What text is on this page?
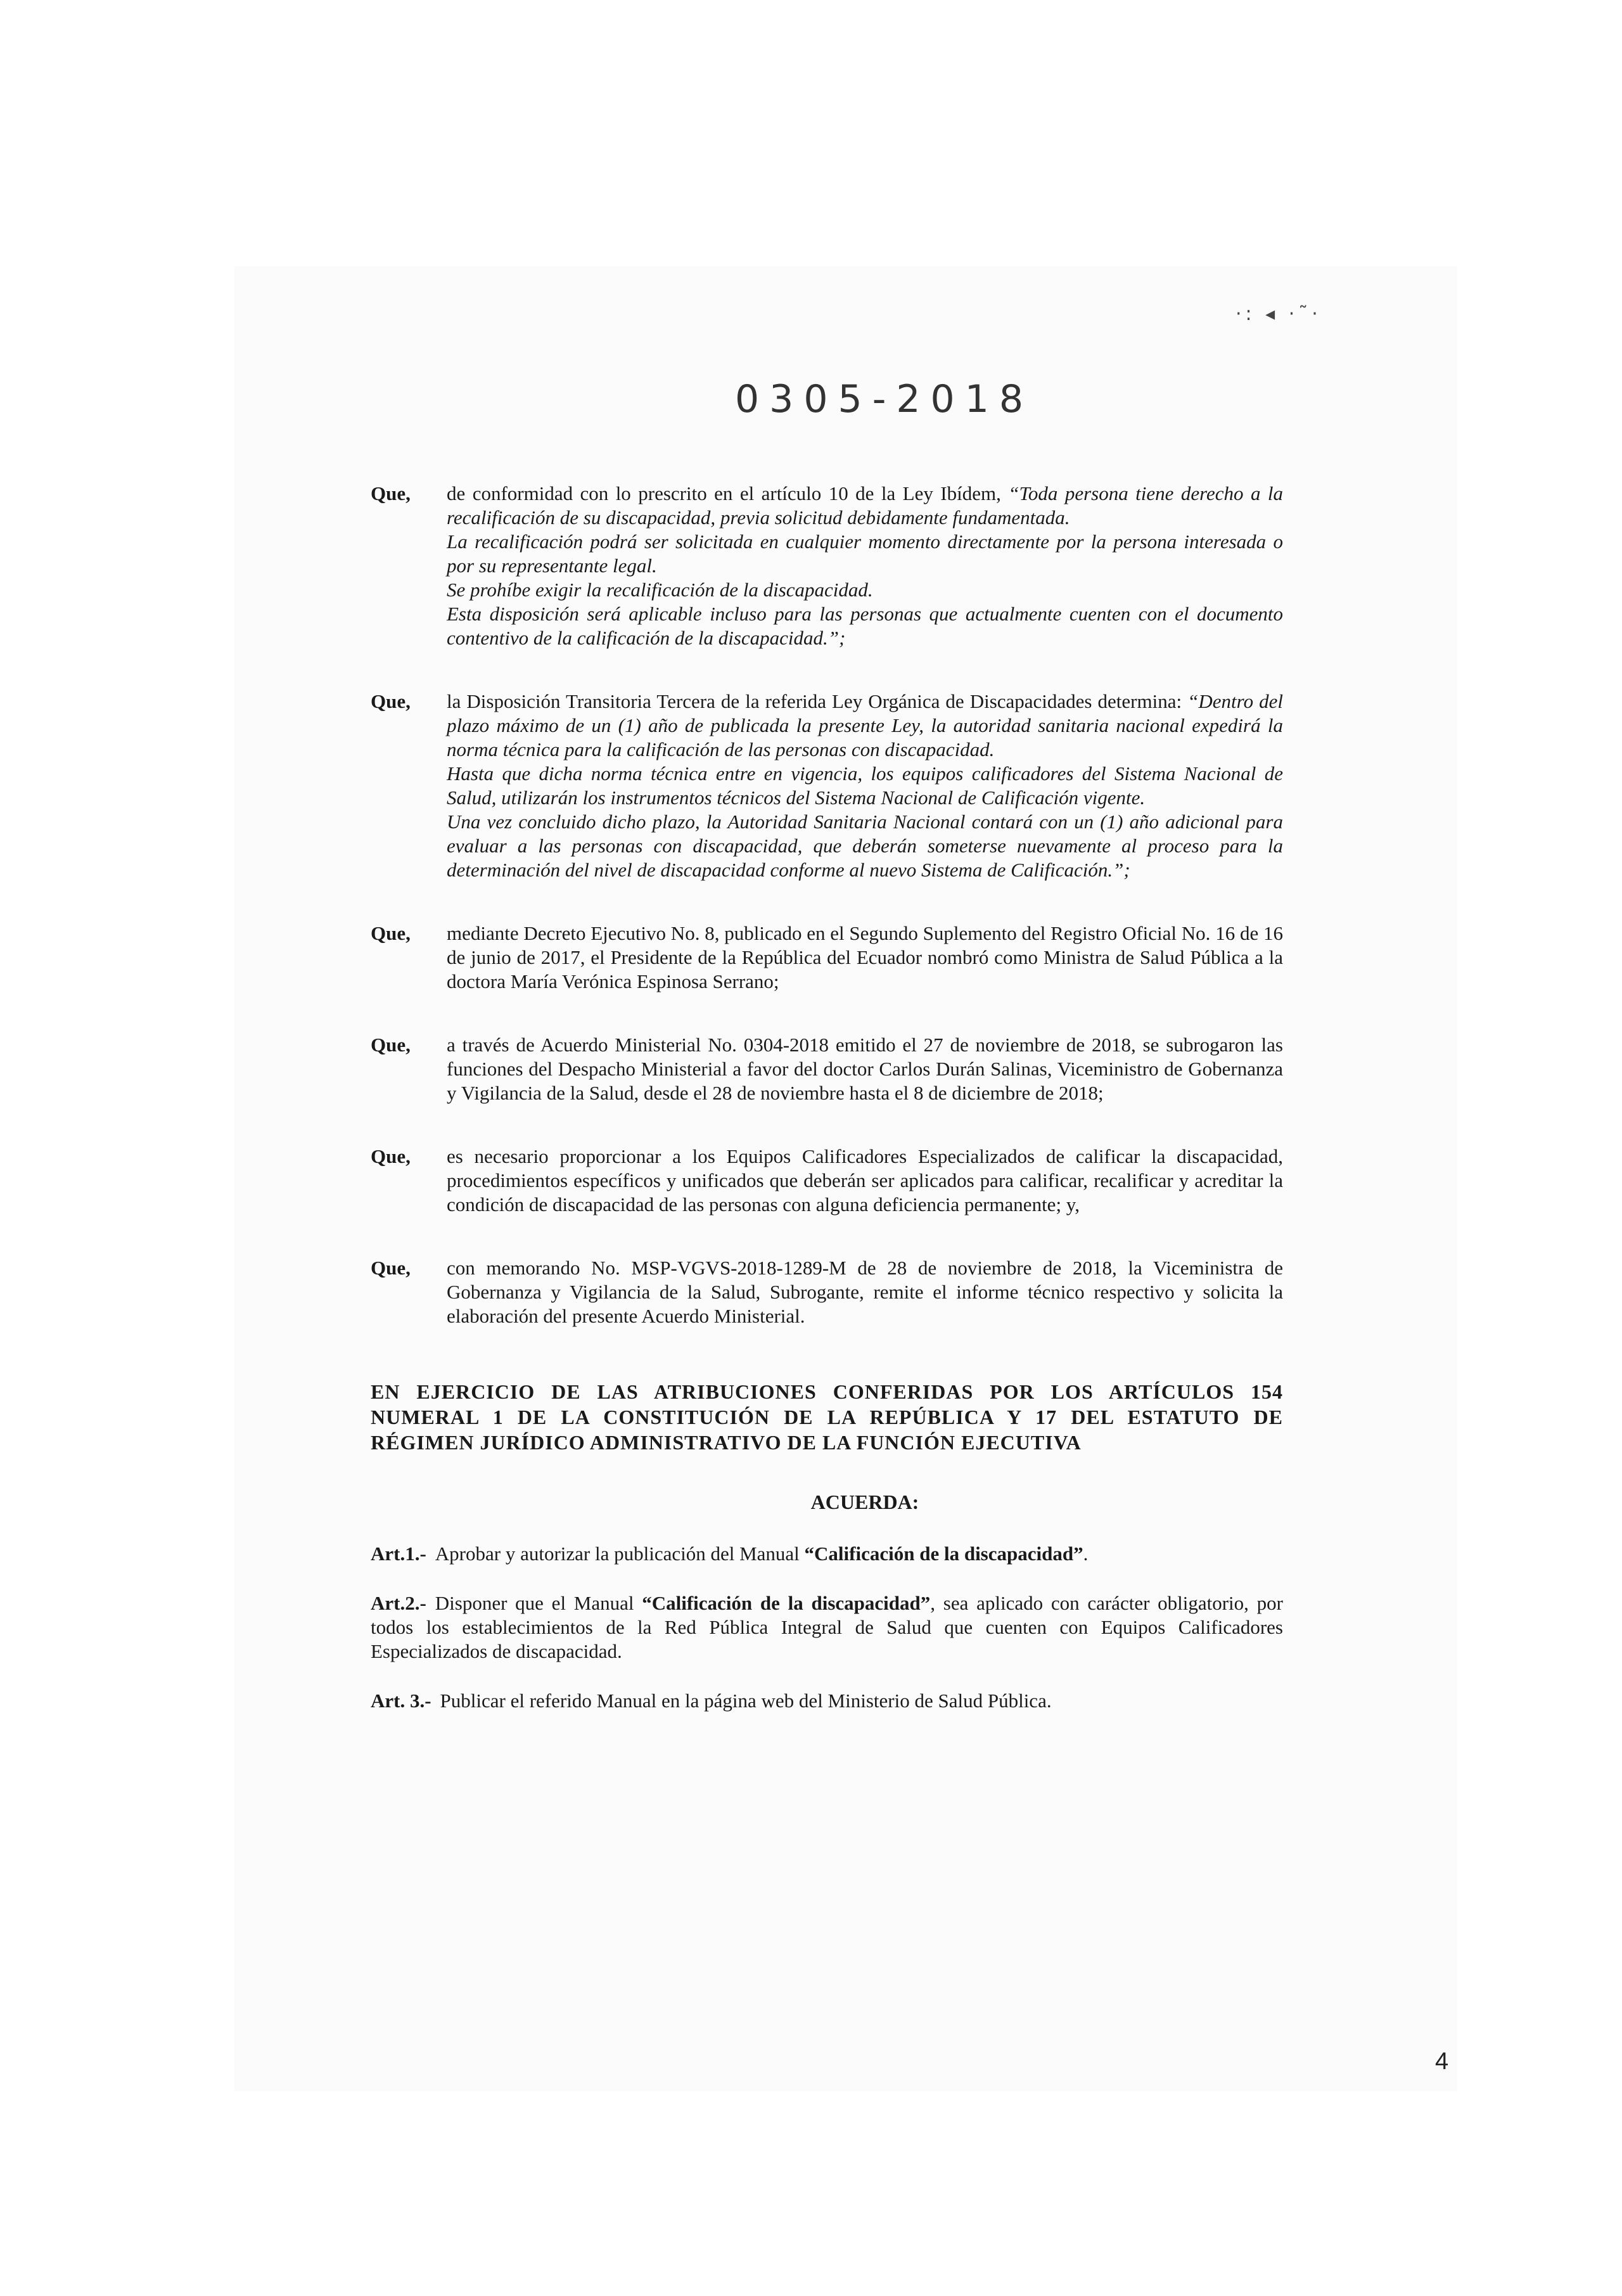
·: ◂ ·˜·
0305-2018
Que,	de conformidad con lo prescrito en el artículo 10 de la Ley Ibídem, “Toda persona tiene derecho a la recalificación de su discapacidad, previa solicitud debidamente fundamentada.

La recalificación podrá ser solicitada en cualquier momento directamente por la persona interesada o por su representante legal.

Se prohíbe exigir la recalificación de la discapacidad.

Esta disposición será aplicable incluso para las personas que actualmente cuenten con el documento contentivo de la calificación de la discapacidad.”;

Que,	la Disposición Transitoria Tercera de la referida Ley Orgánica de Discapacidades determina: “Dentro del plazo máximo de un (1) año de publicada la presente Ley, la autoridad sanitaria nacional expedirá la norma técnica para la calificación de las personas con discapacidad.

Hasta que dicha norma técnica entre en vigencia, los equipos calificadores del Sistema Nacional de Salud, utilizarán los instrumentos técnicos del Sistema Nacional de Calificación vigente.

Una vez concluido dicho plazo, la Autoridad Sanitaria Nacional contará con un (1) año adicional para evaluar a las personas con discapacidad, que deberán someterse nuevamente al proceso para la determinación del nivel de discapacidad conforme al nuevo Sistema de Calificación.”;

Que,	mediante Decreto Ejecutivo No. 8, publicado en el Segundo Suplemento del Registro Oficial No. 16 de 16 de junio de 2017, el Presidente de la República del Ecuador nombró como Ministra de Salud Pública a la doctora María Verónica Espinosa Serrano;

Que,	a través de Acuerdo Ministerial No. 0304-2018 emitido el 27 de noviembre de 2018, se subrogaron las funciones del Despacho Ministerial a favor del doctor Carlos Durán Salinas, Viceministro de Gobernanza y Vigilancia de la Salud, desde el 28 de noviembre hasta el 8 de diciembre de 2018;

Que,	es necesario proporcionar a los Equipos Calificadores Especializados de calificar la discapacidad, procedimientos específicos y unificados que deberán ser aplicados para calificar, recalificar y acreditar la condición de discapacidad de las personas con alguna deficiencia permanente; y,

Que,	con memorando No. MSP-VGVS-2018-1289-M de 28 de noviembre de 2018, la Viceministra de Gobernanza y Vigilancia de la Salud, Subrogante, remite el informe técnico respectivo y solicita la elaboración del presente Acuerdo Ministerial.

EN EJERCICIO DE LAS ATRIBUCIONES CONFERIDAS POR LOS ARTÍCULOS 154 NUMERAL 1 DE LA CONSTITUCIÓN DE LA REPÚBLICA Y 17 DEL ESTATUTO DE RÉGIMEN JURÍDICO ADMINISTRATIVO DE LA FUNCIÓN EJECUTIVA
ACUERDA:
Art.1.- Aprobar y autorizar la publicación del Manual “Calificación de la discapacidad”.
Art.2.- Disponer que el Manual “Calificación de la discapacidad”, sea aplicado con carácter obligatorio, por todos los establecimientos de la Red Pública Integral de Salud que cuenten con Equipos Calificadores Especializados de discapacidad.
Art. 3.- Publicar el referido Manual en la página web del Ministerio de Salud Pública.
4
